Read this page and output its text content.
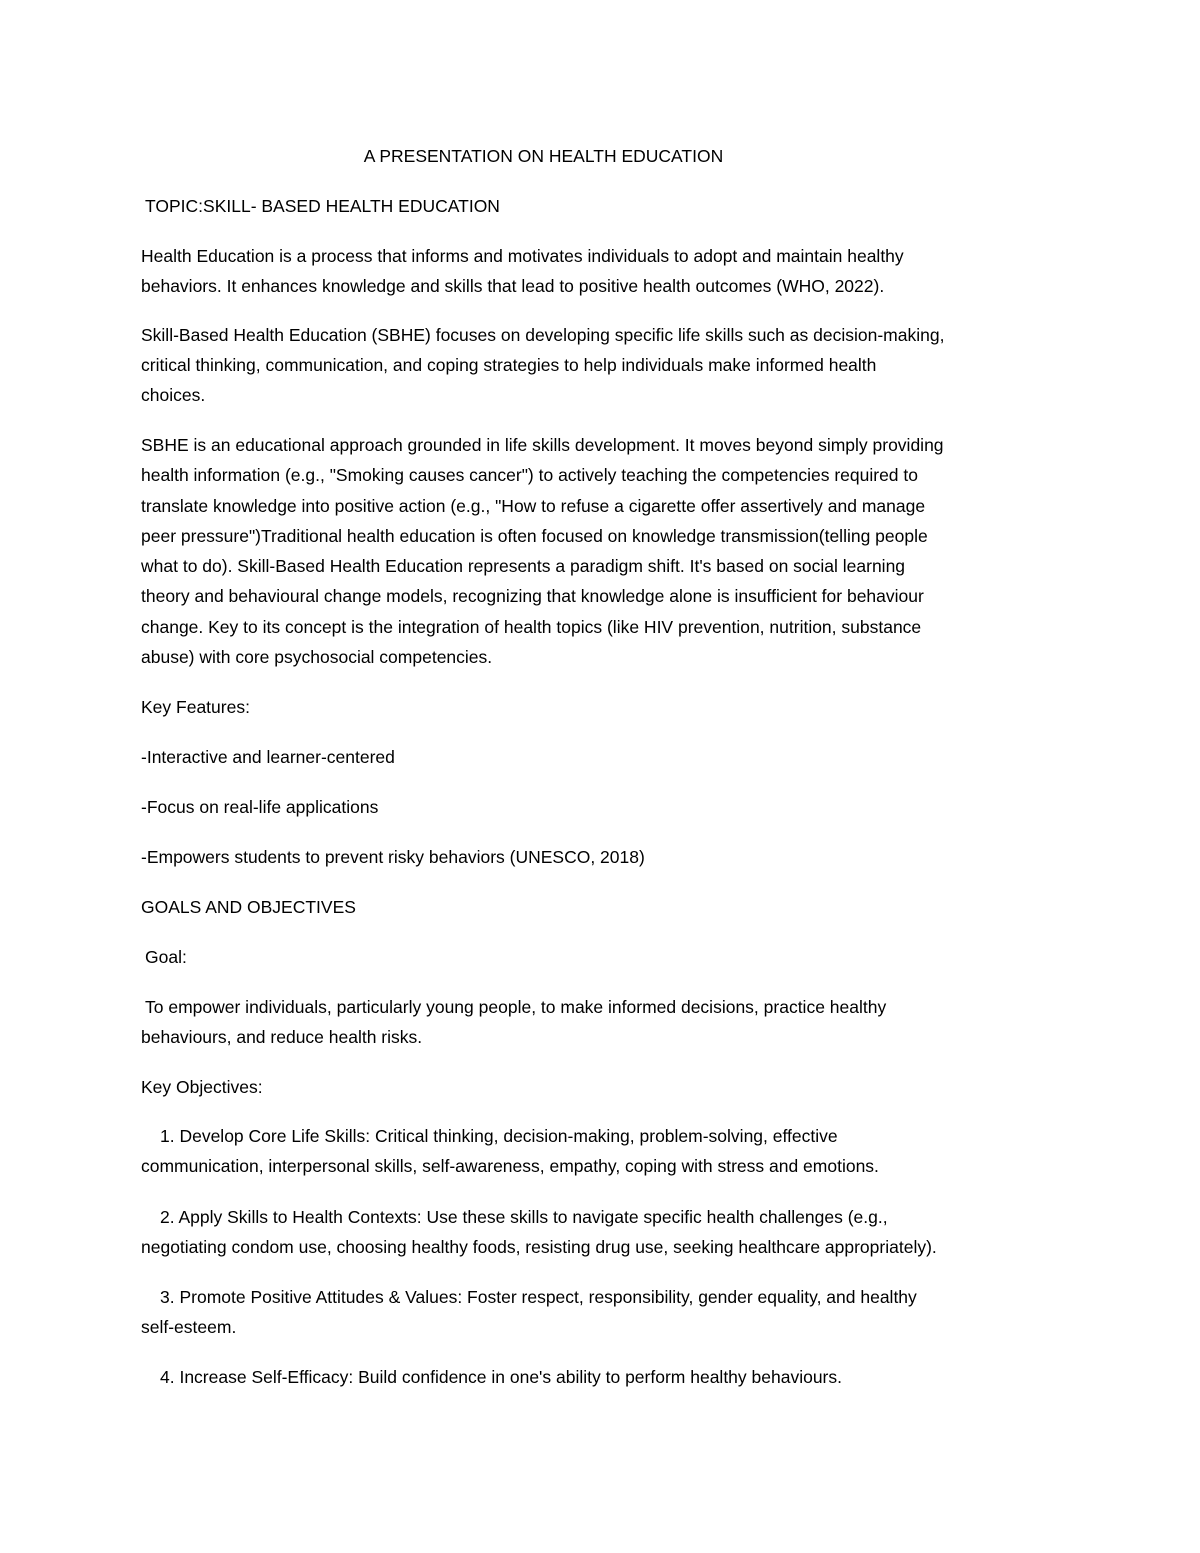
A PRESENTATION ON HEALTH EDUCATION
TOPIC:SKILL- BASED HEALTH EDUCATION
Health Education is a process that informs and motivates individuals to adopt and maintain healthy
behaviors. It enhances knowledge and skills that lead to positive health outcomes (WHO, 2022).
Skill-Based Health Education (SBHE) focuses on developing specific life skills such as decision-making,
critical thinking, communication, and coping strategies to help individuals make informed health
choices.
SBHE is an educational approach grounded in life skills development. It moves beyond simply providing
health information (e.g., "Smoking causes cancer") to actively teaching the competencies required to
translate knowledge into positive action (e.g., "How to refuse a cigarette offer assertively and manage
peer pressure")Traditional health education is often focused on knowledge transmission(telling people
what to do). Skill-Based Health Education represents a paradigm shift. It's based on social learning
theory and behavioural change models, recognizing that knowledge alone is insufficient for behaviour
change. Key to its concept is the integration of health topics (like HIV prevention, nutrition, substance
abuse) with core psychosocial competencies.
Key Features:
-Interactive and learner-centered
-Focus on real-life applications
-Empowers students to prevent risky behaviors (UNESCO, 2018)
GOALS AND OBJECTIVES
Goal:
To empower individuals, particularly young people, to make informed decisions, practice healthy
behaviours, and reduce health risks.
Key Objectives:
1. Develop Core Life Skills: Critical thinking, decision-making, problem-solving, effective
communication, interpersonal skills, self-awareness, empathy, coping with stress and emotions.
2. Apply Skills to Health Contexts: Use these skills to navigate specific health challenges (e.g.,
negotiating condom use, choosing healthy foods, resisting drug use, seeking healthcare appropriately).
3. Promote Positive Attitudes & Values: Foster respect, responsibility, gender equality, and healthy
self-esteem.
4. Increase Self-Efficacy: Build confidence in one's ability to perform healthy behaviours.
